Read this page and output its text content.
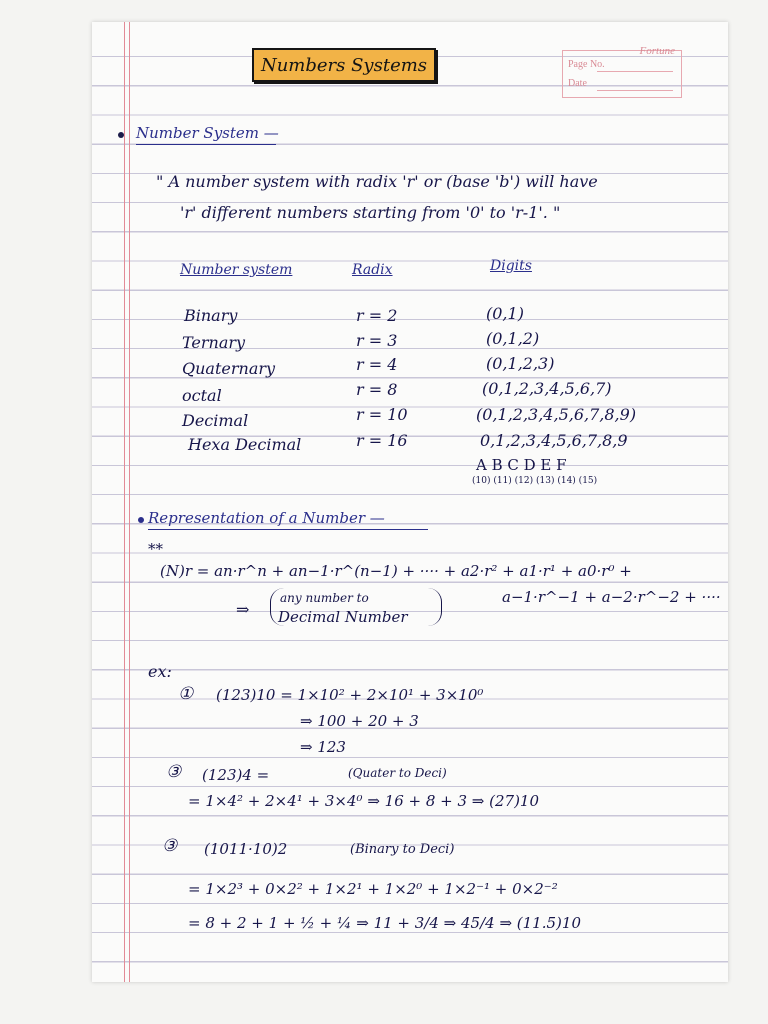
Numbers Systems
Fortune
Page No.
Date
Number System —
" A number system with radix 'r' or (base 'b') will have
'r' different numbers starting from '0' to 'r-1'. "
Number system	Radix	Digits
Binary	r = 2	(0,1)
Ternary	r = 3	(0,1,2)
Quaternary	r = 4	(0,1,2,3)
octal	r = 8	(0,1,2,3,4,5,6,7)
Decimal	r = 10	(0,1,2,3,4,5,6,7,8,9)
Hexa Decimal	r = 16	0,1,2,3,4,5,6,7,8,9
A B C D E F
(10) (11) (12) (13) (14) (15)
Representation of a Number —
**
(N)r = an·r^n + an−1·r^(n−1) + ···· + a2·r² + a1·r¹ + a0·r⁰ +
a−1·r^−1 + a−2·r^−2 + ····
⇒
any number to
Decimal Number
ex:
① (123)10 = 1×10² + 2×10¹ + 3×10⁰
⇒ 100 + 20 + 3
⇒ 123
③ (123)4 =	(Quater to Deci)
= 1×4² + 2×4¹ + 3×4⁰ ⇒ 16 + 8 + 3 ⇒ (27)10
③ (1011·10)2	(Binary to Deci)
= 1×2³ + 0×2² + 1×2¹ + 1×2⁰ + 1×2⁻¹ + 0×2⁻²
= 8 + 2 + 1 + ½ + ¼ ⇒ 11 + 3/4 ⇒ 45/4 ⇒ (11.5)10
